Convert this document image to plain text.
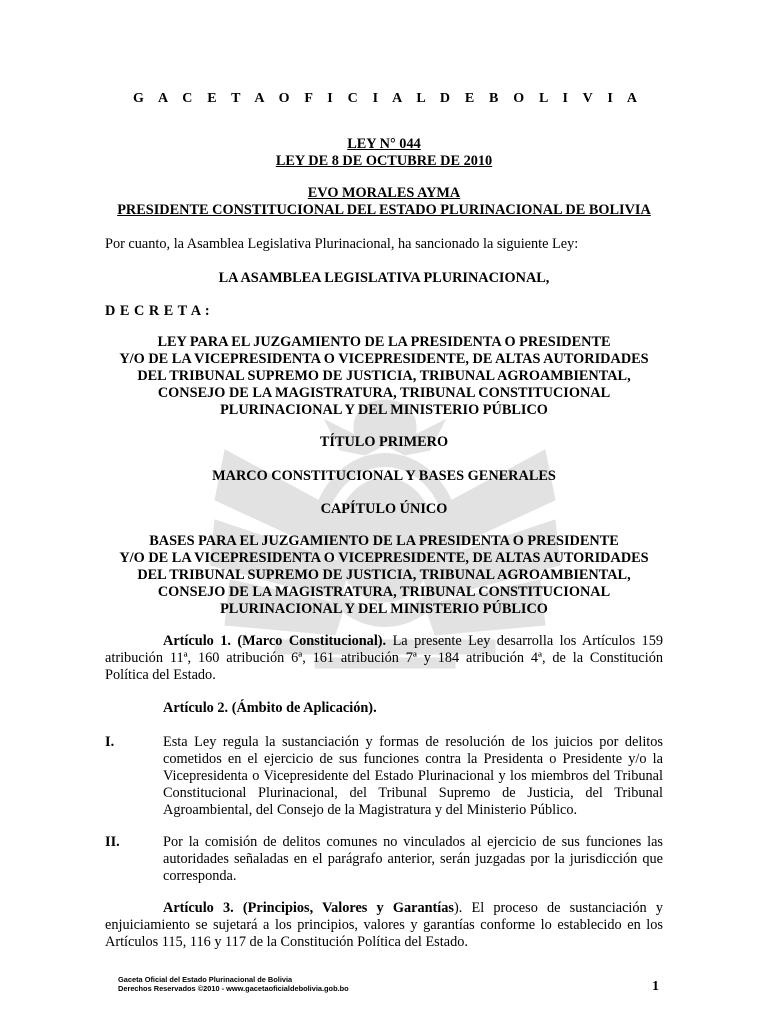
G A C E T A O F I C I A L D E B O L I V I A
LEY N° 044
LEY DE 8 DE OCTUBRE DE 2010
EVO MORALES AYMA
PRESIDENTE CONSTITUCIONAL DEL ESTADO PLURINACIONAL DE BOLIVIA
Por cuanto, la Asamblea Legislativa Plurinacional, ha sancionado la siguiente Ley:
LA ASAMBLEA LEGISLATIVA PLURINACIONAL,
D E C R E T A :
LEY PARA EL JUZGAMIENTO DE LA PRESIDENTA O PRESIDENTE
Y/O DE LA VICEPRESIDENTA O VICEPRESIDENTE, DE ALTAS AUTORIDADES
DEL TRIBUNAL SUPREMO DE JUSTICIA, TRIBUNAL AGROAMBIENTAL,
CONSEJO DE LA MAGISTRATURA, TRIBUNAL CONSTITUCIONAL
PLURINACIONAL Y DEL MINISTERIO PÚBLICO
TÍTULO PRIMERO
MARCO CONSTITUCIONAL Y BASES GENERALES
CAPÍTULO ÚNICO
BASES PARA EL JUZGAMIENTO DE LA PRESIDENTA O PRESIDENTE
Y/O DE LA VICEPRESIDENTA O VICEPRESIDENTE, DE ALTAS AUTORIDADES
DEL TRIBUNAL SUPREMO DE JUSTICIA, TRIBUNAL AGROAMBIENTAL,
CONSEJO DE LA MAGISTRATURA, TRIBUNAL CONSTITUCIONAL
PLURINACIONAL Y DEL MINISTERIO PÚBLICO
Artículo 1. (Marco Constitucional). La presente Ley desarrolla los Artículos 159 atribución 11ª, 160 atribución 6ª, 161 atribución 7ª y 184 atribución 4ª, de la Constitución Política del Estado.
Artículo 2. (Ámbito de Aplicación).
I.	Esta Ley regula la sustanciación y formas de resolución de los juicios por delitos cometidos en el ejercicio de sus funciones contra la Presidenta o Presidente y/o la Vicepresidenta o Vicepresidente del Estado Plurinacional y los miembros del Tribunal Constitucional Plurinacional, del Tribunal Supremo de Justicia, del Tribunal Agroambiental, del Consejo de la Magistratura y del Ministerio Público.
II.	Por la comisión de delitos comunes no vinculados al ejercicio de sus funciones las autoridades señaladas en el parágrafo anterior, serán juzgadas por la jurisdicción que corresponda.
Artículo 3. (Principios, Valores y Garantías). El proceso de sustanciación y enjuiciamiento se sujetará a los principios, valores y garantías conforme lo establecido en los Artículos 115, 116 y 117 de la Constitución Política del Estado.
Gaceta Oficial del Estado Plurinacional de Bolivia
Derechos Reservados ©2010 - www.gacetaoficialdebolivia.gob.bo	1
